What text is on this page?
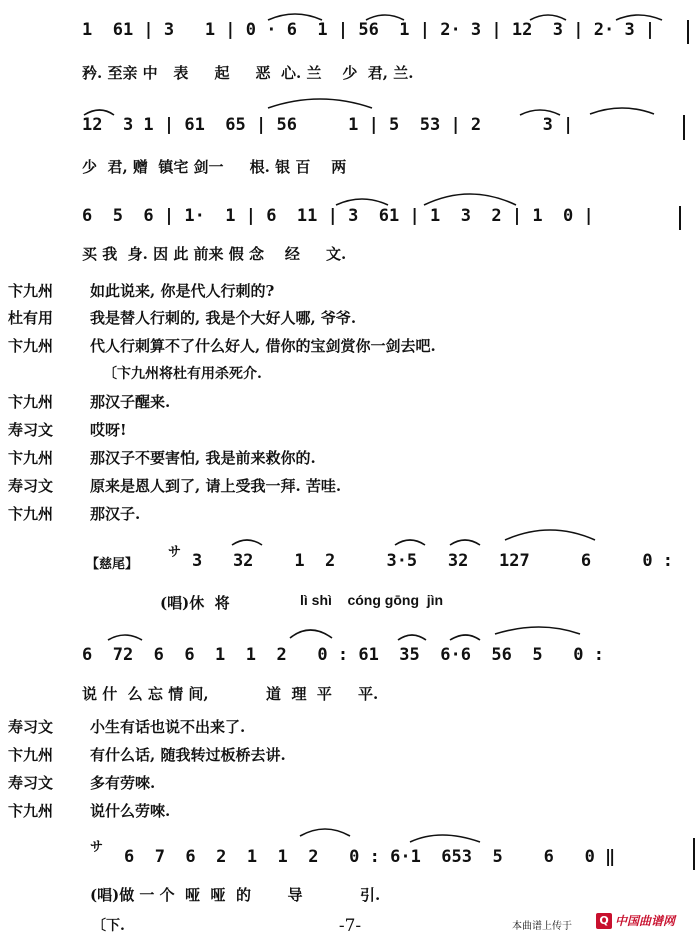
1  61 | 3   1 | 0 · 6  1 | 56  1 | 2· 3 | 12  3 | 2· 3 |
矜. 至亲 中   表     起     恶  心. 兰    少  君, 兰.
12  3 1 | 61  65 | 56     1 | 5  53 | 2      3 |
少  君, 赠  镇宅 剑一     根. 银 百    两
6  5  6 | 1·  1 | 6  11 | 3  61 | 1  3  2 | 1  0 |
买 我  身. 因 此 前来 假 念    经     文.
卞九州	如此说来, 你是代人行刺的?
杜有用	我是替人行刺的, 我是个大好人哪, 爷爷.
卞九州	代人行刺算不了什么好人, 借你的宝剑赏你一剑去吧.
〔卞九州将杜有用杀死介.
卞九州	那汉子醒来.
寿习文	哎呀!
卞九州	那汉子不要害怕, 我是前来救你的.
寿习文	原来是恩人到了, 请上受我一拜. 苦哇.
卞九州	那汉子.
【慈尾】
サ 3   32    1  2     3·5   32   127     6     0 :
(唱)休  将	lì shì    cóng gōng  jìn
6  72  6  6  1  1  2   0 : 61  35  6·6  56  5   0 :
说 什  么 忘 情 间,           道  理  平     平.
寿习文	小生有话也说不出来了.
卞九州	有什么话, 随我转过板桥去讲.
寿习文	多有劳唻.
卞九州	说什么劳唻.
サ 6  7  6  2  1  1  2   0 : 6·1  653  5    6   0 ‖
(唱)做 一 个  哑  哑  的       导           引.
〔下.	-7-	本曲谱上传于	Q 中国曲谱网
